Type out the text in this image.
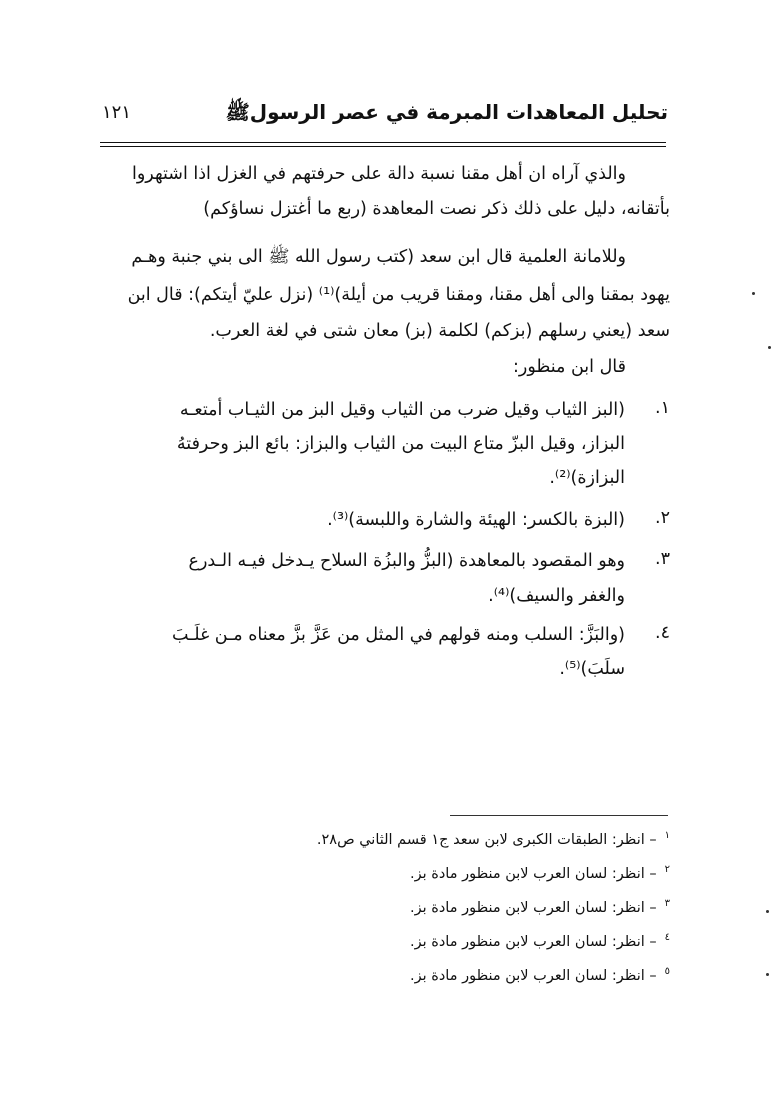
تحليل المعاهدات المبرمة في عصر الرسولﷺ
١٢١
والذي آراه ان أهل مقنا نسبة دالة على حرفتهم في الغزل اذا اشتهروا
بأتقانه، دليل على ذلك ذكر نصت المعاهدة (ربع ما أغتزل نساؤكم)
وللامانة العلمية قال ابن سعد (كتب رسول الله ﷺ الى بني جنبة وهـم
يهود بمقنا والى أهل مقنا، ومقنا قريب من أيلة)⁽¹⁾ (نزل عليّ أيتكم): قال ابن
سعد (يعني رسلهم (بزكم) لكلمة (بز) معان شتى في لغة العرب.
قال ابن منظور:
١.
(البز الثياب وقيل ضرب من الثياب وقيل البز من الثيـاب أمتعـه
البزاز، وقيل البزّ متاع البيت من الثياب والبزاز: بائع البز وحرفتهُ
البزازة)⁽²⁾.
٢.
(البزة بالكسر: الهيئة والشارة واللبسة)⁽³⁾.
٣.
وهو المقصود بالمعاهدة (البزُّ والبزُة السلاح يـدخل فيـه الـدرع
والغفر والسيف)⁽⁴⁾.
٤.
(والبَزَّ: السلب ومنه قولهم في المثل من عَزَّ بزَّ معناه مـن غلَـبَ
سلَبَ)⁽⁵⁾.
$^١$– انظر: الطبقات الكبرى لابن سعد ج١ قسم الثاني ص٢٨.
$^٢$– انظر: لسان العرب لابن منظور مادة بز.
$^٣$– انظر: لسان العرب لابن منظور مادة بز.
$^٤$– انظر: لسان العرب لابن منظور مادة بز.
$^٥$– انظر: لسان العرب لابن منظور مادة بز.
